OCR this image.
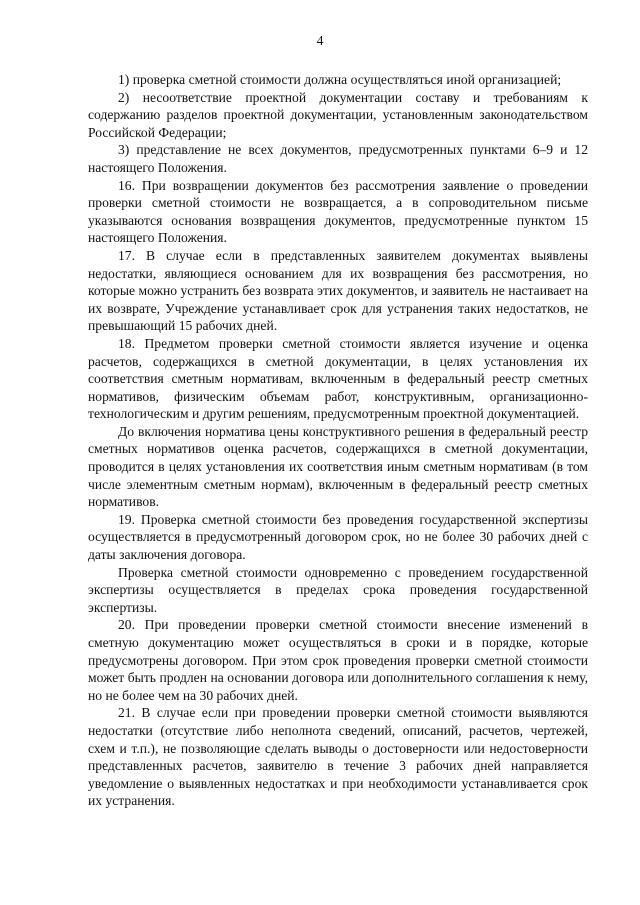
4

1) проверка сметной стоимости должна осуществляться иной организацией;

2) несоответствие проектной документации составу и требованиям к содержанию разделов проектной документации, установленным законодательством Российской Федерации;

3) представление не всех документов, предусмотренных пунктами 6–9 и 12 настоящего Положения.

16. При возвращении документов без рассмотрения заявление о проведении проверки сметной стоимости не возвращается, а в сопроводительном письме указываются основания возвращения документов, предусмотренные пунктом 15 настоящего Положения.

17. В случае если в представленных заявителем документах выявлены недостатки, являющиеся основанием для их возвращения без рассмотрения, но которые можно устранить без возврата этих документов, и заявитель не настаивает на их возврате, Учреждение устанавливает срок для устранения таких недостатков, не превышающий 15 рабочих дней.

18. Предметом проверки сметной стоимости является изучение и оценка расчетов, содержащихся в сметной документации, в целях установления их соответствия сметным нормативам, включенным в федеральный реестр сметных нормативов, физическим объемам работ, конструктивным, организационно-технологическим и другим решениям, предусмотренным проектной документацией.

До включения норматива цены конструктивного решения в федеральный реестр сметных нормативов оценка расчетов, содержащихся в сметной документации, проводится в целях установления их соответствия иным сметным нормативам (в том числе элементным сметным нормам), включенным в федеральный реестр сметных нормативов.

19. Проверка сметной стоимости без проведения государственной экспертизы осуществляется в предусмотренный договором срок, но не более 30 рабочих дней с даты заключения договора.

Проверка сметной стоимости одновременно с проведением государственной экспертизы осуществляется в пределах срока проведения государственной экспертизы.

20. При проведении проверки сметной стоимости внесение изменений в сметную документацию может осуществляться в сроки и в порядке, которые предусмотрены договором. При этом срок проведения проверки сметной стоимости может быть продлен на основании договора или дополнительного соглашения к нему, но не более чем на 30 рабочих дней.

21. В случае если при проведении проверки сметной стоимости выявляются недостатки (отсутствие либо неполнота сведений, описаний, расчетов, чертежей, схем и т.п.), не позволяющие сделать выводы о достоверности или недостоверности представленных расчетов, заявителю в течение 3 рабочих дней направляется уведомление о выявленных недостатках и при необходимости устанавливается срок их устранения.
